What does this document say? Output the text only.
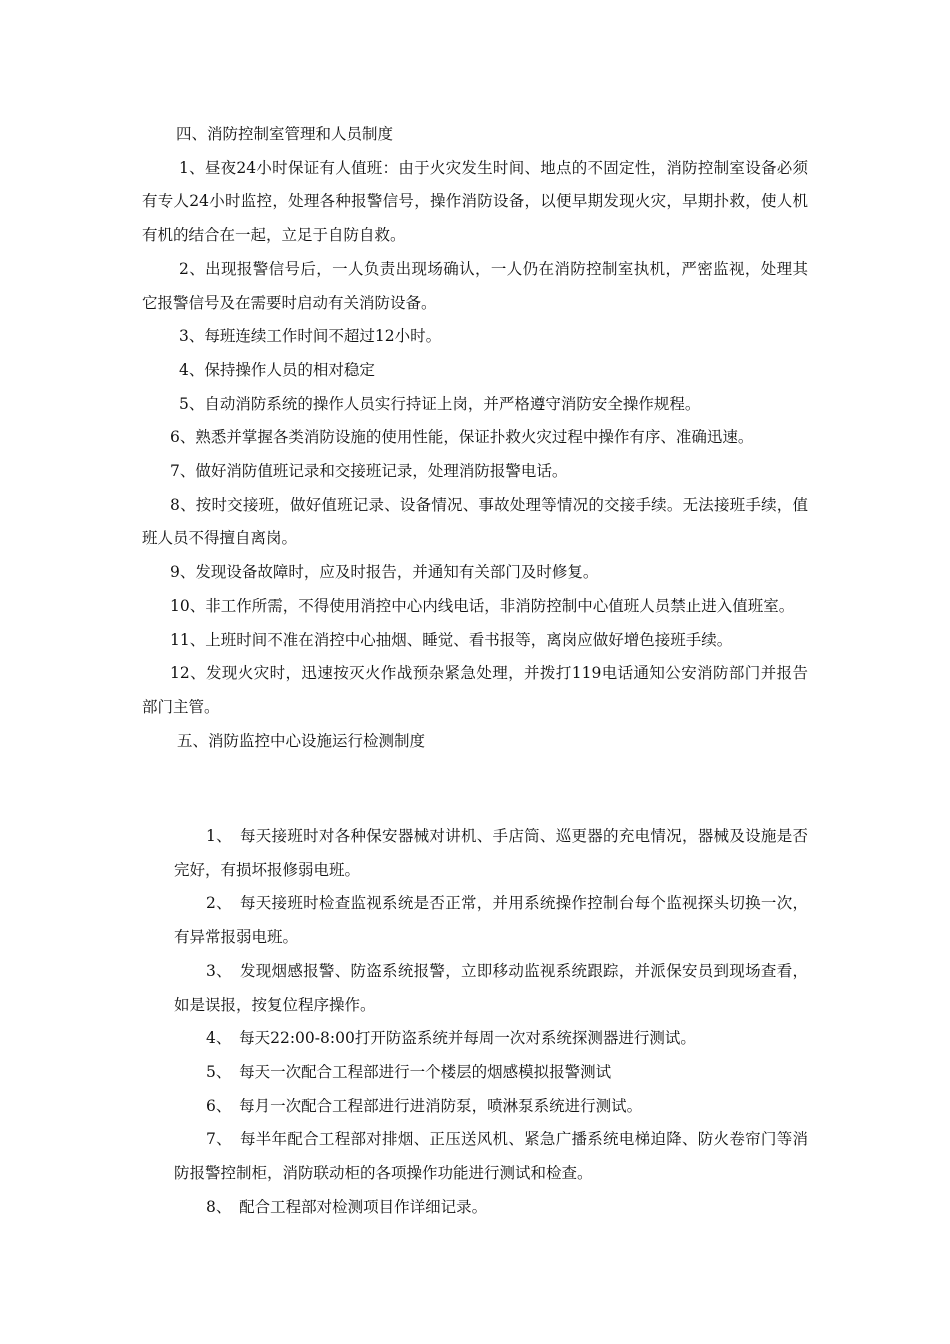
四、消防控制室管理和人员制度

1、昼夜24小时保证有人值班：由于火灾发生时间、地点的不固定性，消防控制室设备必须有专人24小时监控，处理各种报警信号，操作消防设备，以便早期发现火灾，早期扑救，使人机有机的结合在一起，立足于自防自救。

2、出现报警信号后，一人负责出现场确认，一人仍在消防控制室执机，严密监视，处理其它报警信号及在需要时启动有关消防设备。

3、每班连续工作时间不超过12小时。

4、保持操作人员的相对稳定

5、自动消防系统的操作人员实行持证上岗，并严格遵守消防安全操作规程。

6、熟悉并掌握各类消防设施的使用性能，保证扑救火灾过程中操作有序、准确迅速。

7、做好消防值班记录和交接班记录，处理消防报警电话。

8、按时交接班，做好值班记录、设备情况、事故处理等情况的交接手续。无法接班手续，值班人员不得擅自离岗。

9、发现设备故障时，应及时报告，并通知有关部门及时修复。

10、非工作所需，不得使用消控中心内线电话，非消防控制中心值班人员禁止进入值班室。

11、上班时间不准在消控中心抽烟、睡觉、看书报等，离岗应做好增色接班手续。

12、发现火灾时，迅速按灭火作战预杂紧急处理，并拨打119电话通知公安消防部门并报告部门主管。

五、消防监控中心设施运行检测制度

1、　每天接班时对各种保安器械对讲机、手店筒、巡更器的充电情况，器械及设施是否完好，有损坏报修弱电班。

2、　每天接班时检查监视系统是否正常，并用系统操作控制台每个监视探头切换一次，有异常报弱电班。

3、　发现烟感报警、防盗系统报警，立即移动监视系统跟踪，并派保安员到现场查看，如是误报，按复位程序操作。

4、　每天22:00-8:00打开防盗系统并每周一次对系统探测器进行测试。

5、　每天一次配合工程部进行一个楼层的烟感模拟报警测试

6、　每月一次配合工程部进行进消防泵，喷淋泵系统进行测试。

7、　每半年配合工程部对排烟、正压送风机、紧急广播系统电梯迫降、防火卷帘门等消防报警控制柜，消防联动柜的各项操作功能进行测试和检查。

8、　配合工程部对检测项目作详细记录。
